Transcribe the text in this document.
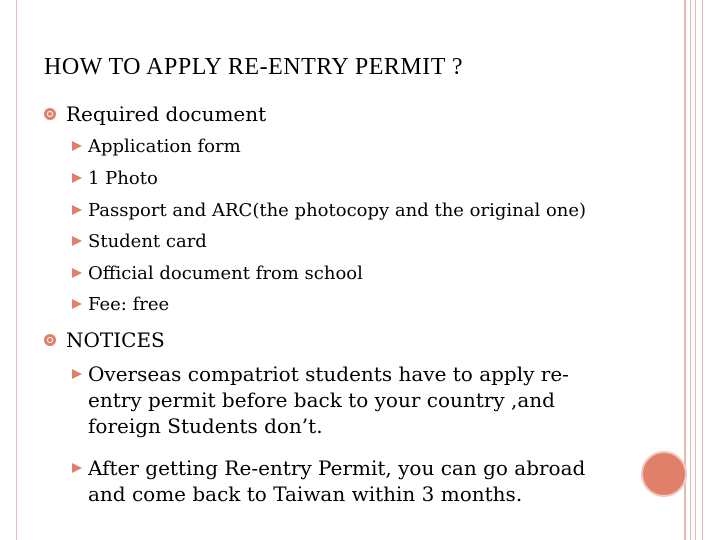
HOW TO APPLY RE-ENTRY PERMIT ?
Required document
Application form
1 Photo
Passport and ARC(the photocopy and the original one)
Student card
Official document from school
Fee: free
NOTICES
Overseas compatriot students have to apply re-entry permit before back to your country ,and foreign Students don’t.
After getting Re-entry Permit, you can go abroad and come back to Taiwan within 3 months.
